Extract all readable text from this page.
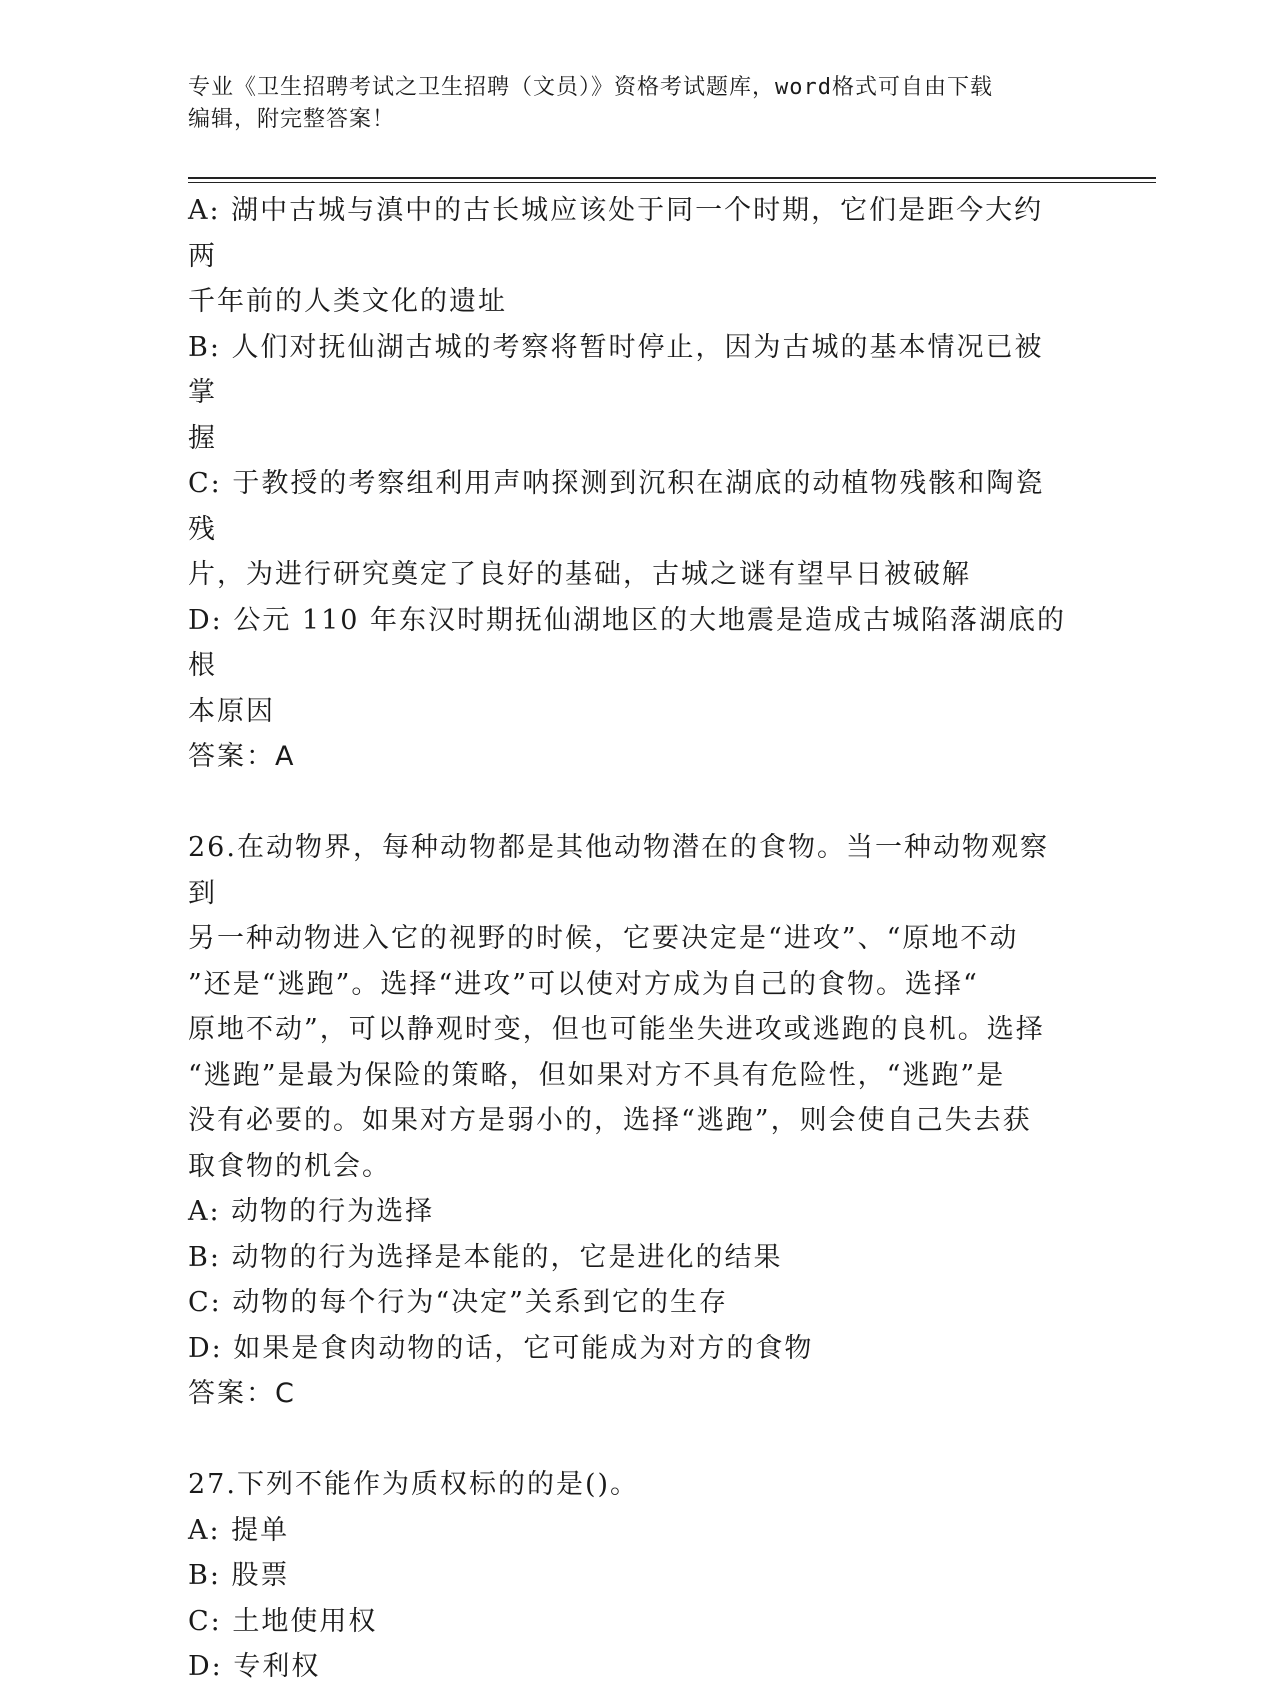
专业《卫生招聘考试之卫生招聘（文员）》资格考试题库，word格式可自由下载
编辑，附完整答案！
A: 湖中古城与滇中的古长城应该处于同一个时期，它们是距今大约两
千年前的人类文化的遗址
B: 人们对抚仙湖古城的考察将暂时停止，因为古城的基本情况已被掌
握
C: 于教授的考察组利用声呐探测到沉积在湖底的动植物残骸和陶瓷残
片，为进行研究奠定了良好的基础，古城之谜有望早日被破解
D: 公元 110 年东汉时期抚仙湖地区的大地震是造成古城陷落湖底的根
本原因
答案：A
26.在动物界，每种动物都是其他动物潜在的食物。当一种动物观察到
另一种动物进入它的视野的时候，它要决定是“进攻”、“原地不动
”还是“逃跑”。选择“进攻”可以使对方成为自己的食物。选择“
原地不动”，可以静观时变，但也可能坐失进攻或逃跑的良机。选择
“逃跑”是最为保险的策略，但如果对方不具有危险性，“逃跑”是
没有必要的。如果对方是弱小的，选择“逃跑”，则会使自己失去获
取食物的机会。
A: 动物的行为选择
B: 动物的行为选择是本能的，它是进化的结果
C: 动物的每个行为“决定”关系到它的生存
D: 如果是食肉动物的话，它可能成为对方的食物
答案：C
27.下列不能作为质权标的的是()。
A: 提单
B: 股票
C: 土地使用权
D: 专利权
